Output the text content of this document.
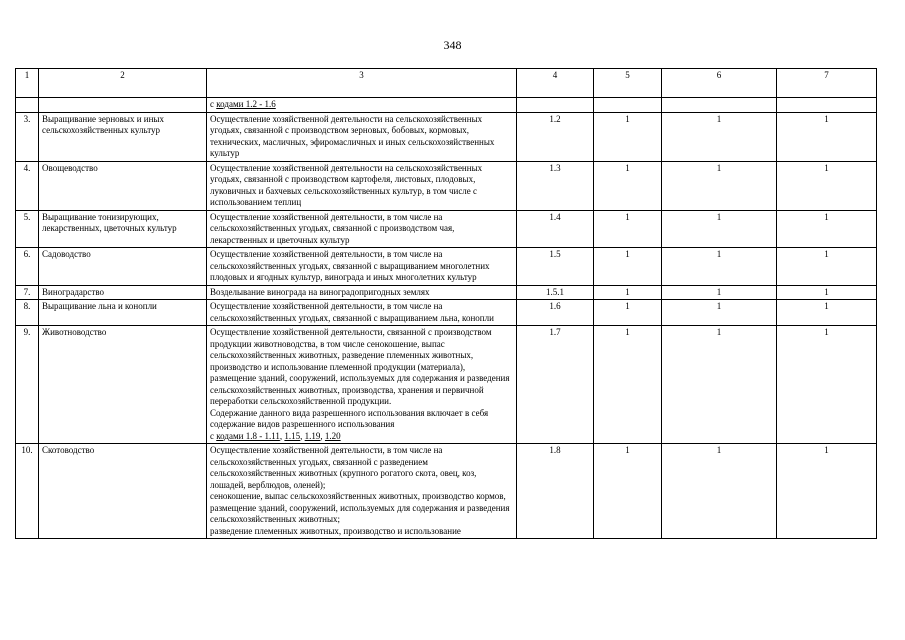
348
1	2	3	4	5	6	7
		с кодами 1.2 - 1.6				
3.	Выращивание зерновых и иных сельскохозяйственных культур	Осуществление хозяйственной деятельности на сельскохозяйственных угодьях, связанной с производством зерновых, бобовых, кормовых, технических, масличных, эфиромасличных и иных сельскохозяйственных культур	1.2	1	1	1
4.	Овощеводство	Осуществление хозяйственной деятельности на сельскохозяйственных угодьях, связанной с производством картофеля, листовых, плодовых, луковичных и бахчевых сельскохозяйственных культур, в том числе с использованием теплиц	1.3	1	1	1
5.	Выращивание тонизирующих, лекарственных, цветочных культур	Осуществление хозяйственной деятельности, в том числе на сельскохозяйственных угодьях, связанной с производством чая, лекарственных и цветочных культур	1.4	1	1	1
6.	Садоводство	Осуществление хозяйственной деятельности, в том числе на сельскохозяйственных угодьях, связанной с выращиванием многолетних плодовых и ягодных культур, винограда и иных многолетних культур	1.5	1	1	1
7.	Виноградарство	Возделывание винограда на виноградопригодных землях	1.5.1	1	1	1
8.	Выращивание льна и конопли	Осуществление хозяйственной деятельности, в том числе на сельскохозяйственных угодьях, связанной с выращиванием льна, конопли	1.6	1	1	1
9.	Животноводство	Осуществление хозяйственной деятельности, связанной с производством продукции животноводства, в том числе сенокошение, выпас сельскохозяйственных животных, разведение племенных животных, производство и использование племенной продукции (материала), размещение зданий, сооружений, используемых для содержания и разведения сельскохозяйственных животных, производства, хранения и первичной переработки сельскохозяйственной продукции.
Содержание данного вида разрешенного использования включает в себя содержание видов разрешенного использования
с кодами 1.8 - 1.11, 1.15, 1.19, 1.20	1.7	1	1	1
10.	Скотоводство	Осуществление хозяйственной деятельности, в том числе на сельскохозяйственных угодьях, связанной с разведением сельскохозяйственных животных (крупного рогатого скота, овец, коз, лошадей, верблюдов, оленей);
сенокошение, выпас сельскохозяйственных животных, производство кормов, размещение зданий, сооружений, используемых для содержания и разведения сельскохозяйственных животных;
разведение племенных животных, производство и использование	1.8	1	1	1
